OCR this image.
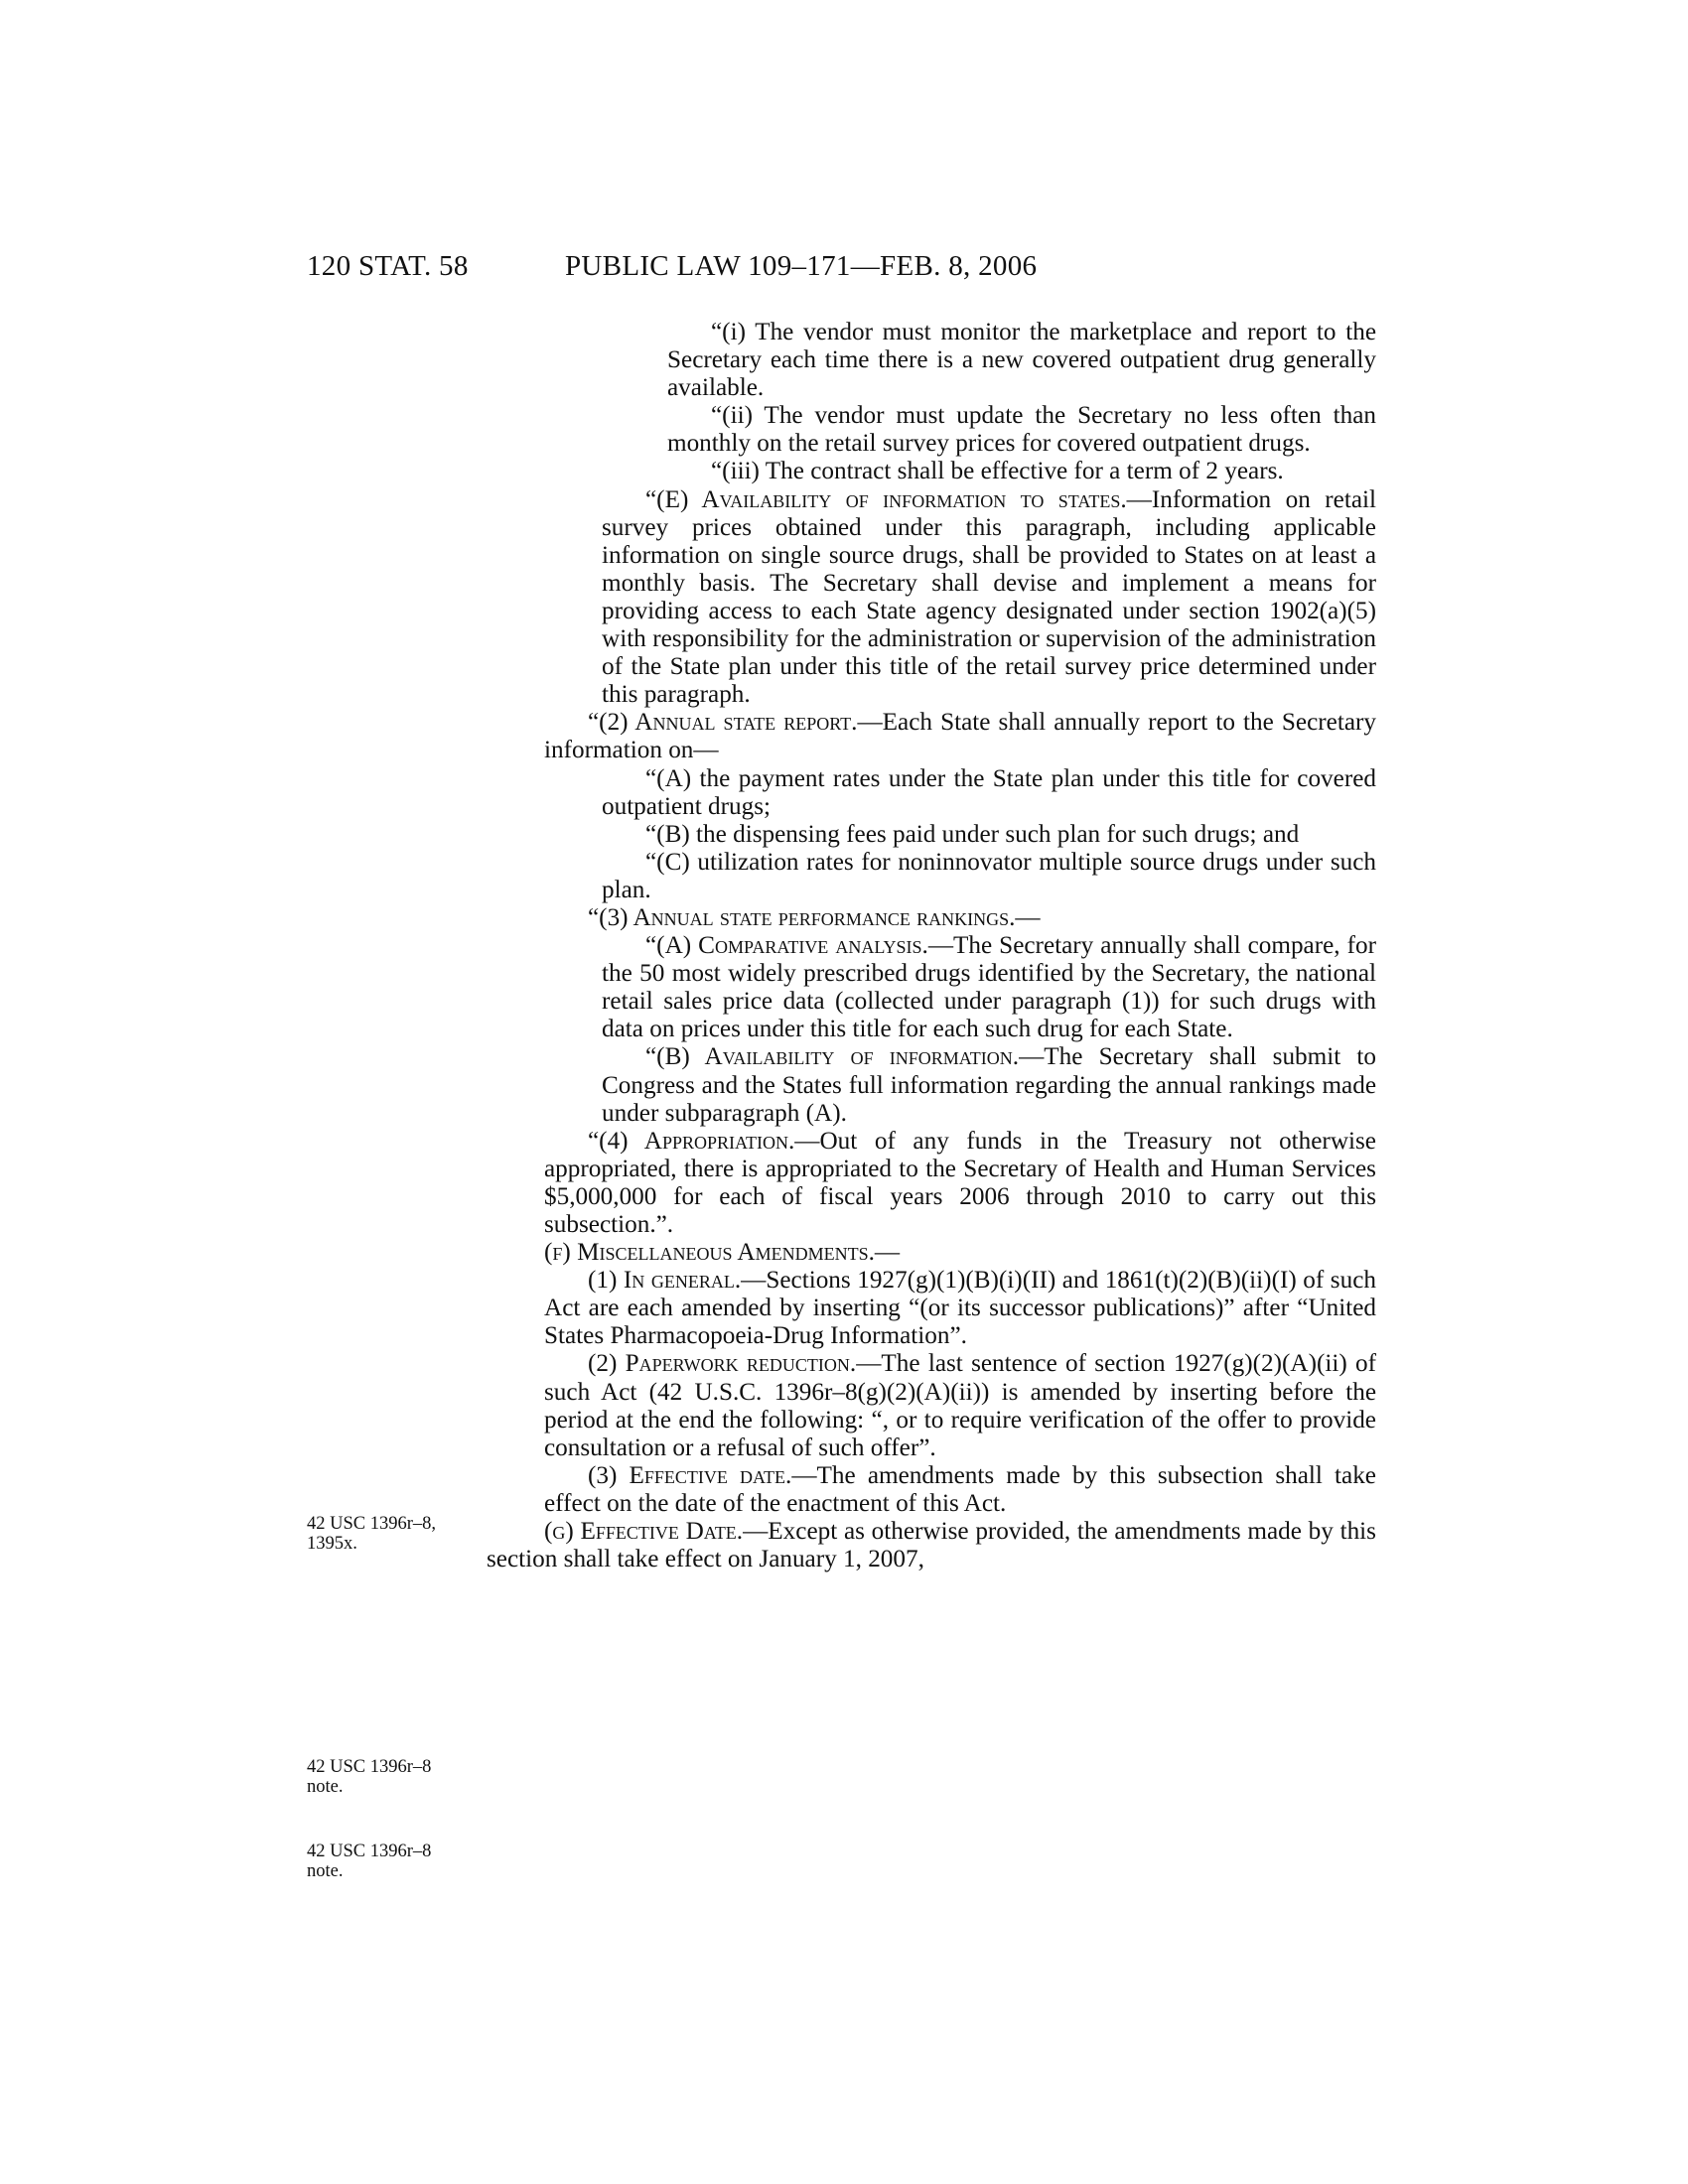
120 STAT. 58	PUBLIC LAW 109–171—FEB. 8, 2006
42 USC 1396r–8,
1395x.
42 USC 1396r–8
note.
42 USC 1396r–8
note.

“(i) The vendor must monitor the marketplace and report to the Secretary each time there is a new covered outpatient drug generally available.

“(ii) The vendor must update the Secretary no less often than monthly on the retail survey prices for covered outpatient drugs.

“(iii) The contract shall be effective for a term of 2 years.

“(E) Availability of information to states.—Information on retail survey prices obtained under this paragraph, including applicable information on single source drugs, shall be provided to States on at least a monthly basis. The Secretary shall devise and implement a means for providing access to each State agency designated under section 1902(a)(5) with responsibility for the administration or supervision of the administration of the State plan under this title of the retail survey price determined under this paragraph.

“(2) Annual state report.—Each State shall annually report to the Secretary information on—

“(A) the payment rates under the State plan under this title for covered outpatient drugs;

“(B) the dispensing fees paid under such plan for such drugs; and

“(C) utilization rates for noninnovator multiple source drugs under such plan.

“(3) Annual state performance rankings.—

“(A) Comparative analysis.—The Secretary annually shall compare, for the 50 most widely prescribed drugs identified by the Secretary, the national retail sales price data (collected under paragraph (1)) for such drugs with data on prices under this title for each such drug for each State.

“(B) Availability of information.—The Secretary shall submit to Congress and the States full information regarding the annual rankings made under subparagraph (A).

“(4) Appropriation.—Out of any funds in the Treasury not otherwise appropriated, there is appropriated to the Secretary of Health and Human Services $5,000,000 for each of fiscal years 2006 through 2010 to carry out this subsection.”.

(f) Miscellaneous Amendments.—

(1) In general.—Sections 1927(g)(1)(B)(i)(II) and 1861(t)(2)(B)(ii)(I) of such Act are each amended by inserting “(or its successor publications)” after “United States Pharmacopoeia-Drug Information”.

(2) Paperwork reduction.—The last sentence of section 1927(g)(2)(A)(ii) of such Act (42 U.S.C. 1396r–8(g)(2)(A)(ii)) is amended by inserting before the period at the end the following: “, or to require verification of the offer to provide consultation or a refusal of such offer”.

(3) Effective date.—The amendments made by this subsection shall take effect on the date of the enactment of this Act.

(g) Effective Date.—Except as otherwise provided, the amendments made by this section shall take effect on January 1, 2007,
